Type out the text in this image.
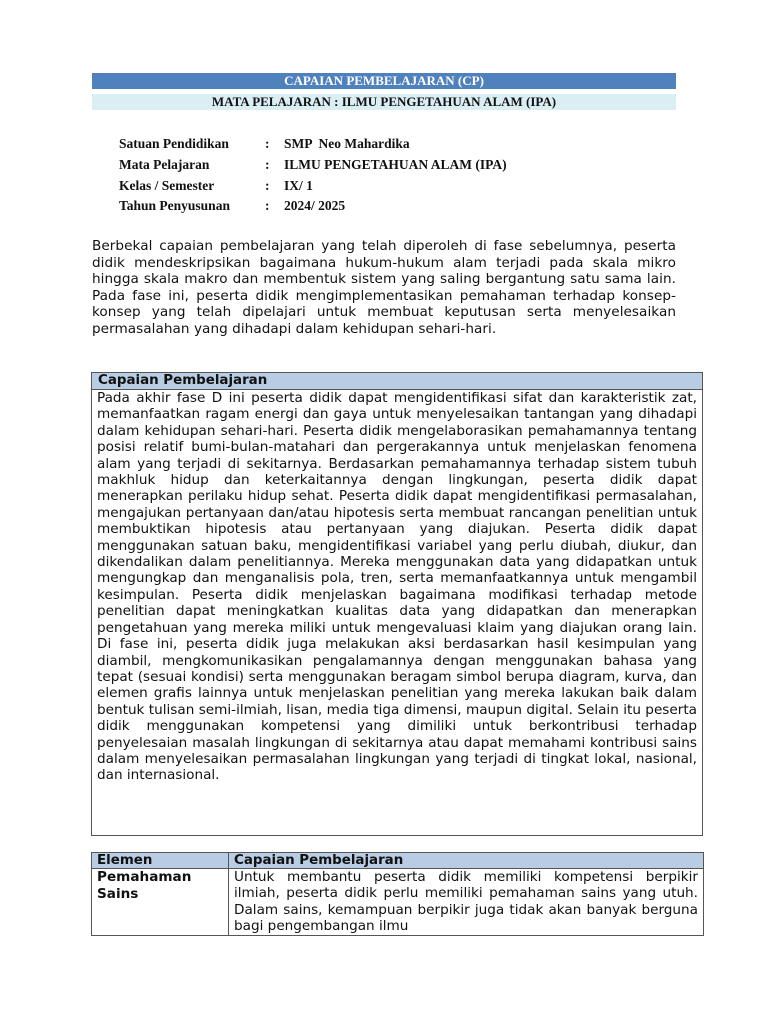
CAPAIAN PEMBELAJARAN (CP)
MATA PELAJARAN : ILMU PENGETAHUAN ALAM (IPA)
Satuan Pendidikan	:	SMP  Neo Mahardika
Mata Pelajaran	:	ILMU PENGETAHUAN ALAM (IPA)
Kelas / Semester	:	IX/ 1
Tahun Penyusunan	:	2024/ 2025

Berbekal capaian pembelajaran yang telah diperoleh di fase sebelumnya, peserta didik mendeskripsikan bagaimana hukum-hukum alam terjadi pada skala mikro hingga skala makro dan membentuk sistem yang saling bergantung satu sama lain. Pada fase ini, peserta didik mengimplementasikan pemahaman terhadap konsep-konsep yang telah dipelajari untuk membuat keputusan serta menyelesaikan permasalahan yang dihadapi dalam kehidupan sehari-hari.

Capaian Pembelajaran

Pada akhir fase D ini peserta didik dapat mengidentifikasi sifat dan karakteristik zat, memanfaatkan ragam energi dan gaya untuk menyelesaikan tantangan yang dihadapi dalam kehidupan sehari-hari. Peserta didik mengelaborasikan pemahamannya tentang posisi relatif bumi-bulan-matahari dan pergerakannya untuk menjelaskan fenomena alam yang terjadi di sekitarnya. Berdasarkan pemahamannya terhadap sistem tubuh makhluk hidup dan keterkaitannya dengan lingkungan, peserta didik dapat menerapkan perilaku hidup sehat. Peserta didik dapat mengidentifikasi permasalahan, mengajukan pertanyaan dan/atau hipotesis serta membuat rancangan penelitian untuk membuktikan hipotesis atau pertanyaan yang diajukan. Peserta didik dapat menggunakan satuan baku, mengidentifikasi variabel yang perlu diubah, diukur, dan dikendalikan dalam penelitiannya. Mereka menggunakan data yang didapatkan untuk mengungkap dan menganalisis pola, tren, serta memanfaatkannya untuk mengambil kesimpulan. Peserta didik menjelaskan bagaimana modifikasi terhadap metode penelitian dapat meningkatkan kualitas data yang didapatkan dan menerapkan pengetahuan yang mereka miliki untuk mengevaluasi klaim yang diajukan orang lain. Di fase ini, peserta didik juga melakukan aksi berdasarkan hasil kesimpulan yang diambil, mengkomunikasikan pengalamannya dengan menggunakan bahasa yang tepat (sesuai kondisi) serta menggunakan beragam simbol berupa diagram, kurva, dan elemen grafis lainnya untuk menjelaskan penelitian yang mereka lakukan baik dalam bentuk tulisan semi-ilmiah, lisan, media tiga dimensi, maupun digital. Selain itu peserta didik menggunakan kompetensi yang dimiliki untuk berkontribusi terhadap penyelesaian masalah lingkungan di sekitarnya atau dapat memahami kontribusi sains dalam menyelesaikan permasalahan lingkungan yang terjadi di tingkat lokal, nasional, dan internasional.

Elemen	Capaian Pembelajaran
Pemahaman Sains	Untuk membantu peserta didik memiliki kompetensi berpikir ilmiah, peserta didik perlu memiliki pemahaman sains yang utuh. Dalam sains, kemampuan berpikir juga tidak akan banyak berguna bagi pengembangan ilmu
